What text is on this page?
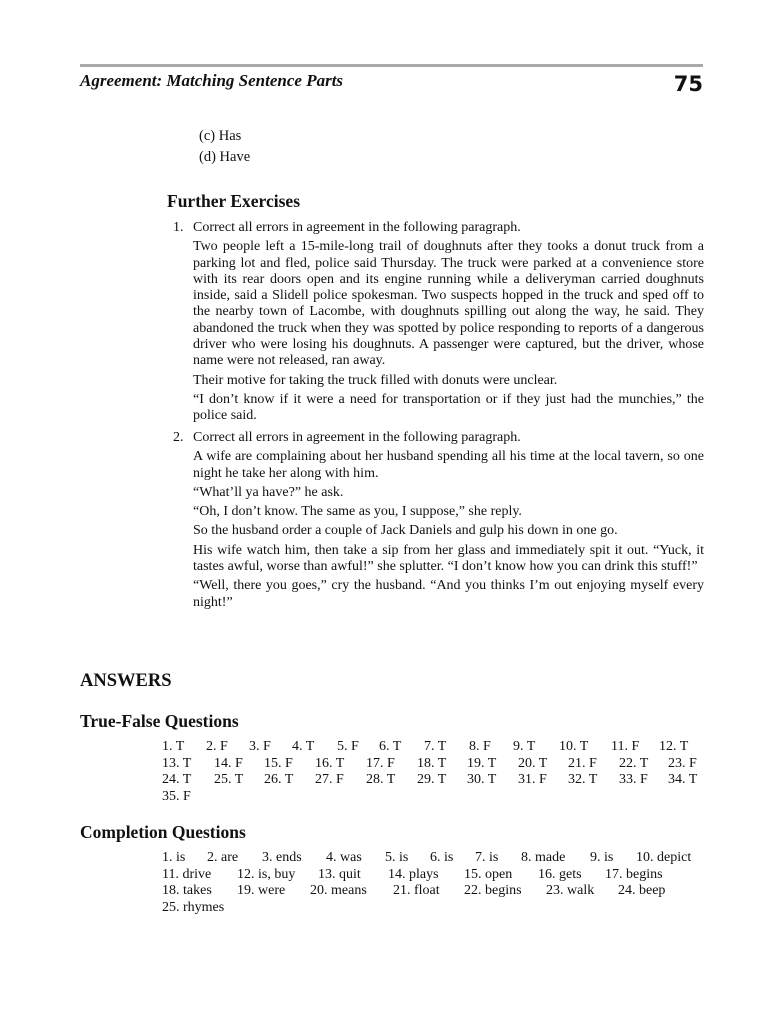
Agreement: Matching Sentence Parts	75
(c) Has
(d) Have
Further Exercises
1. Correct all errors in agreement in the following paragraph.

Two people left a 15-mile-long trail of doughnuts after they tooks a donut truck from a parking lot and fled, police said Thursday. The truck were parked at a convenience store with its rear doors open and its engine running while a deliveryman carried doughnuts inside, said a Slidell police spokesman. Two suspects hopped in the truck and sped off to the nearby town of Lacombe, with doughnuts spilling out along the way, he said. They abandoned the truck when they was spotted by police responding to reports of a dangerous driver who were losing his doughnuts. A passenger were captured, but the driver, whose name were not released, ran away.

Their motive for taking the truck filled with donuts were unclear.

“I don’t know if it were a need for transportation or if they just had the munchies,” the police said.

2. Correct all errors in agreement in the following paragraph.

A wife are complaining about her husband spending all his time at the local tavern, so one night he take her along with him.

“What’ll ya have?” he ask.

“Oh, I don’t know. The same as you, I suppose,” she reply.

So the husband order a couple of Jack Daniels and gulp his down in one go.

His wife watch him, then take a sip from her glass and immediately spit it out. “Yuck, it tastes awful, worse than awful!” she splutter. “I don’t know how you can drink this stuff!”

“Well, there you goes,” cry the husband. “And you thinks I’m out enjoying myself every night!”

ANSWERS
True-False Questions
1. T	2. F	3. F	4. T	5. F	6. T	7. T	8. F	9. T	10. T	11. F	12. T
13. T	14. F	15. F	16. T	17. F	18. T	19. T	20. T	21. F	22. T	23. F
24. T	25. T	26. T	27. F	28. T	29. T	30. T	31. F	32. T	33. F	34. T
35. F
Completion Questions
1. is	2. are	3. ends	4. was	5. is	6. is	7. is	8. made	9. is	10. depict
11. drive	12. is, buy	13. quit	14. plays	15. open	16. gets	17. begins
18. takes	19. were	20. means	21. float	22. begins	23. walk	24. beep
25. rhymes
